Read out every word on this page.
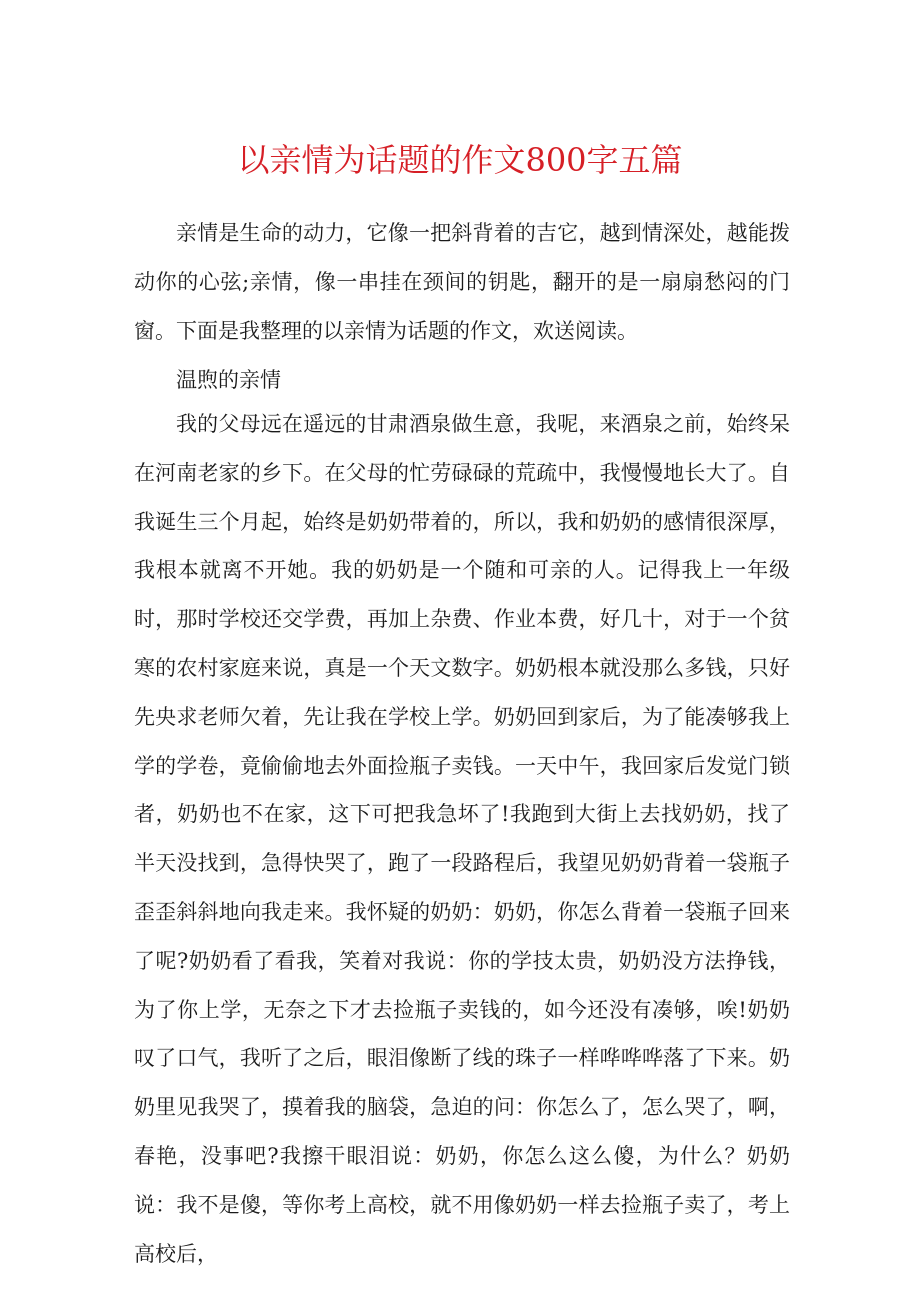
以亲情为话题的作文800字五篇

亲情是生命的动力，它像一把斜背着的吉它，越到情深处，越能拨动你的心弦;亲情，像一串挂在颈间的钥匙，翻开的是一扇扇愁闷的门窗。下面是我整理的以亲情为话题的作文，欢送阅读。

温煦的亲情

我的父母远在遥远的甘肃酒泉做生意，我呢，来酒泉之前，始终呆在河南老家的乡下。在父母的忙劳碌碌的荒疏中，我慢慢地长大了。自我诞生三个月起，始终是奶奶带着的，所以，我和奶奶的感情很深厚，我根本就离不开她。我的奶奶是一个随和可亲的人。记得我上一年级时，那时学校还交学费，再加上杂费、作业本费，好几十，对于一个贫寒的农村家庭来说，真是一个天文数字。奶奶根本就没那么多钱，只好先央求老师欠着，先让我在学校上学。奶奶回到家后，为了能凑够我上学的学卷，竟偷偷地去外面捡瓶子卖钱。一天中午，我回家后发觉门锁者，奶奶也不在家，这下可把我急坏了!我跑到大街上去找奶奶，找了半天没找到，急得快哭了，跑了一段路程后，我望见奶奶背着一袋瓶子歪歪斜斜地向我走来。我怀疑的奶奶：奶奶，你怎么背着一袋瓶子回来了呢?奶奶看了看我，笑着对我说：你的学技太贵，奶奶没方法挣钱，为了你上学，无奈之下才去捡瓶子卖钱的，如今还没有凑够，唉!奶奶叹了口气，我听了之后，眼泪像断了线的珠子一样哗哗哗落了下来。奶奶里见我哭了，摸着我的脑袋，急迫的问：你怎么了，怎么哭了，啊，春艳，没事吧?我擦干眼泪说：奶奶，你怎么这么傻，为什么？奶奶说：我不是傻，等你考上高校，就不用像奶奶一样去捡瓶子卖了，考上高校后，
